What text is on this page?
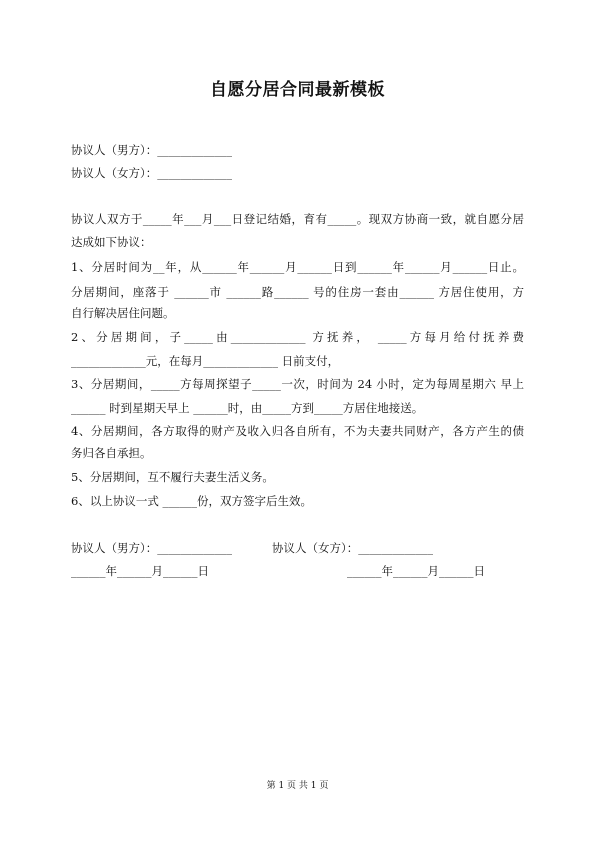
自愿分居合同最新模板
协议人（男方）：_____________
协议人（女方）：_____________
协议人双方于_____年___月___日登记结婚，育有_____。现双方协商一致，就自愿分居
达成如下协议：
1、分居时间为__年，从______年______月______日到______年______月______日止。
分居期间，座落于 ______市 ______路______ 号的住房一套由______ 方居住使用，方
自行解决居住问题。
2、分居期间，子_____由_____________ 方抚养， _____方每月给付抚养费
_____________元，在每月_____________ 日前支付，
3、分居期间，_____方每周探望子_____一次，时间为 24 小时，定为每周星期六 早上
______ 时到星期天早上 ______时，由_____方到_____方居住地接送。
4、分居期间，各方取得的财产及收入归各自所有，不为夫妻共同财产，各方产生的债
务归各自承担。
5、分居期间，互不履行夫妻生活义务。
6、以上协议一式 ______份，双方签字后生效。
协议人（男方）：_____________	协议人（女方）：_____________
______年______月______日	______年______月______日
第 1 页 共 1 页
